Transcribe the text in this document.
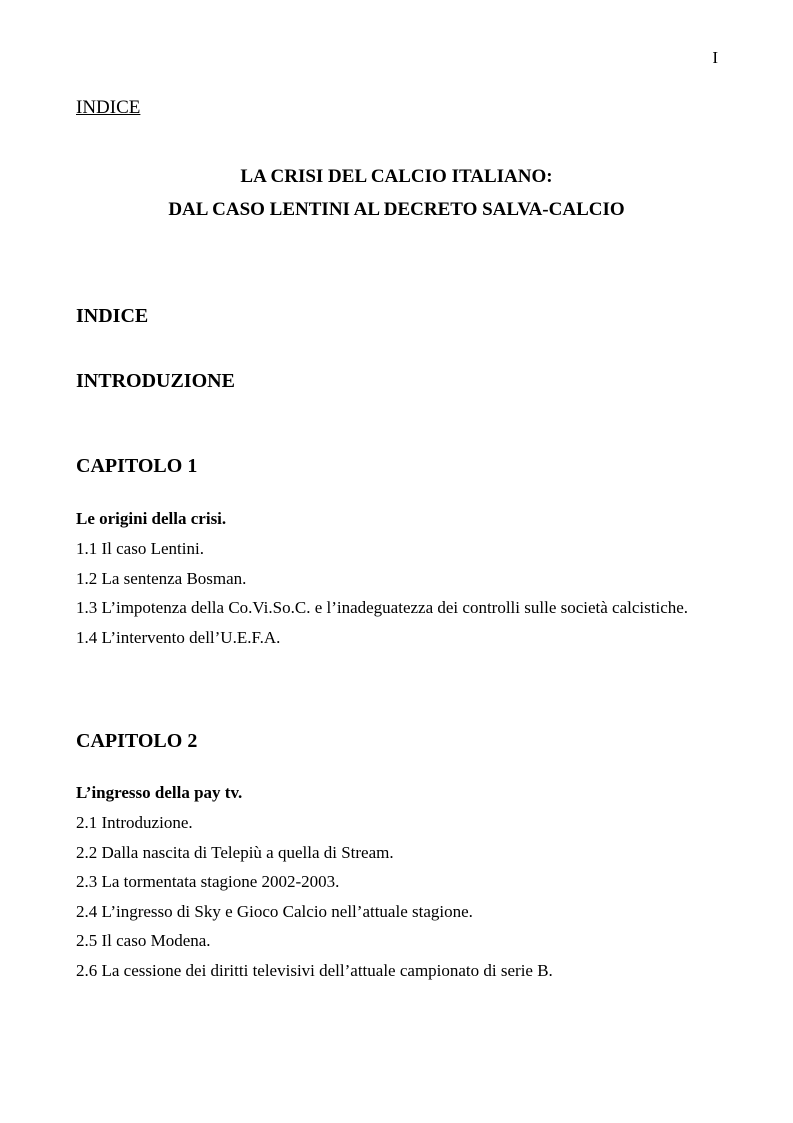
I
INDICE
LA CRISI DEL CALCIO ITALIANO:
DAL CASO LENTINI AL DECRETO SALVA-CALCIO
INDICE
INTRODUZIONE
CAPITOLO 1
Le origini della crisi.
1.1 Il caso Lentini.
1.2 La sentenza Bosman.
1.3 L’impotenza della Co.Vi.So.C. e l’inadeguatezza dei controlli sulle società calcistiche.
1.4 L’intervento dell’U.E.F.A.
CAPITOLO 2
L’ingresso della pay tv.
2.1 Introduzione.
2.2 Dalla nascita di Telepiù a quella di Stream.
2.3 La tormentata stagione 2002-2003.
2.4 L’ingresso di Sky e Gioco Calcio nell’attuale stagione.
2.5 Il caso Modena.
2.6 La cessione dei diritti televisivi dell’attuale campionato di serie B.
